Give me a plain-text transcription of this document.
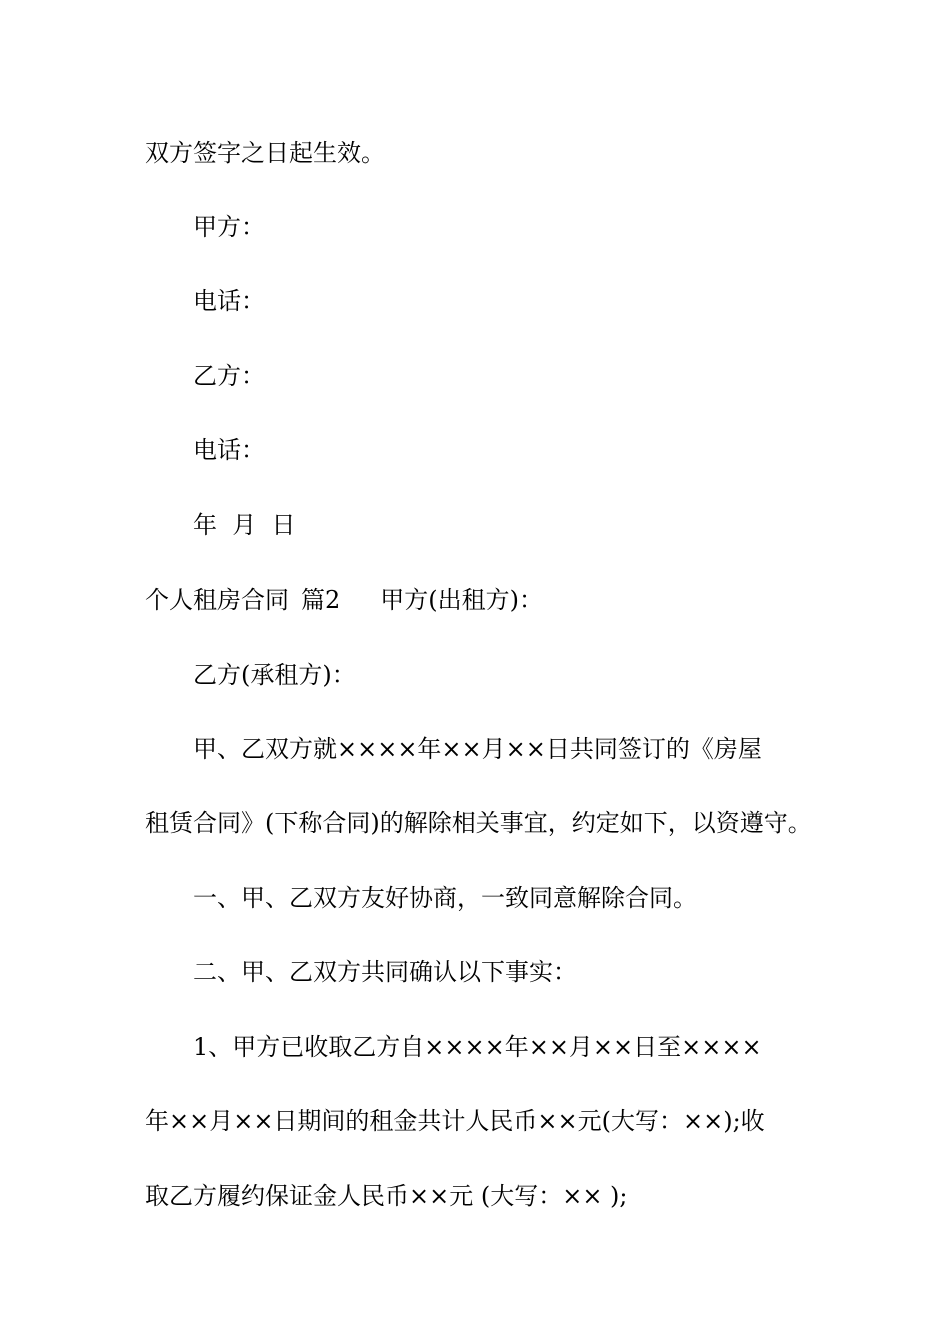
双方签字之日起生效。
甲方：
电话：
乙方：
电话：
年  月  日
个人租房合同 篇2 甲方(出租方)：
乙方(承租方)：
甲、乙双方就××××年××月××日共同签订的《房屋
租赁合同》(下称合同)的解除相关事宜，约定如下，以资遵守。
一、甲、乙双方友好协商，一致同意解除合同。
二、甲、乙双方共同确认以下事实：
1、甲方已收取乙方自××××年××月××日至××××
年××月××日期间的租金共计人民币××元(大写：××);收
取乙方履约保证金人民币××元 (大写：×× );
